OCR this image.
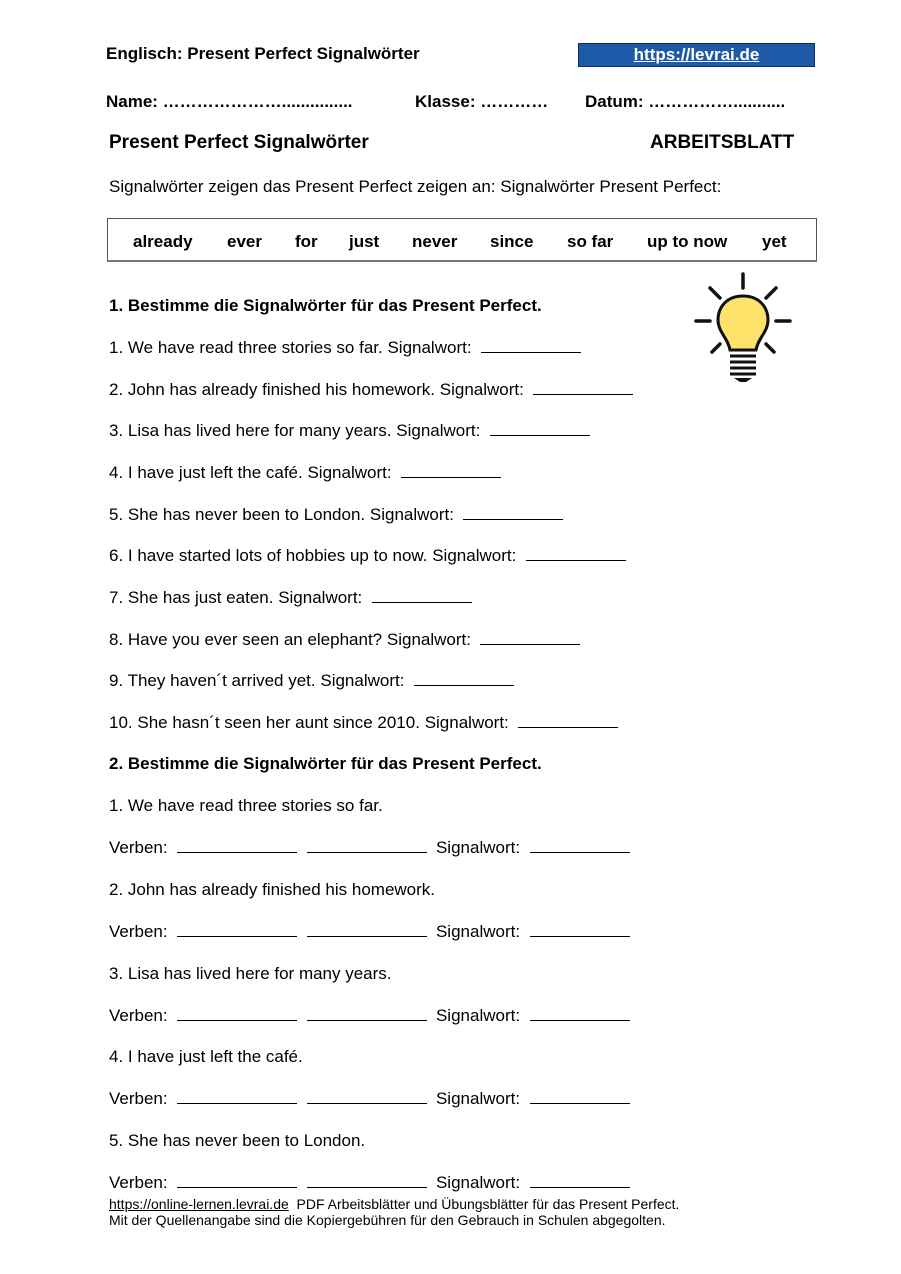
Englisch: Present Perfect Signalwörter	https://levrai.de
Name: …………………...............	Klasse: ………… Datum: ……………...........
Present Perfect Signalwörter	ARBEITSBLATT
Signalwörter zeigen das Present Perfect zeigen an: Signalwörter Present Perfect:
already ever for just never since so far up to now yet
1. Bestimme die Signalwörter für das Present Perfect.
1. We have read three stories so far. Signalwort:
2. John has already finished his homework. Signalwort:
3. Lisa has lived here for many years. Signalwort:
4. I have just left the café. Signalwort:
5. She has never been to London. Signalwort:
6. I have started lots of hobbies up to now. Signalwort:
7. She has just eaten. Signalwort:
8. Have you ever seen an elephant? Signalwort:
9. They haven´t arrived yet. Signalwort:
10. She hasn´t seen her aunt since 2010. Signalwort:
2. Bestimme die Signalwörter für das Present Perfect.
1. We have read three stories so far.
Verben:	Signalwort:
2. John has already finished his homework.
Verben:	Signalwort:
3. Lisa has lived here for many years.
Verben:	Signalwort:
4. I have just left the café.
Verben:	Signalwort:
5. She has never been to London.
Verben:	Signalwort:
https://online-lernen.levrai.de  PDF Arbeitsblätter und Übungsblätter für das Present Perfect.
Mit der Quellenangabe sind die Kopiergebühren für den Gebrauch in Schulen abgegolten.
